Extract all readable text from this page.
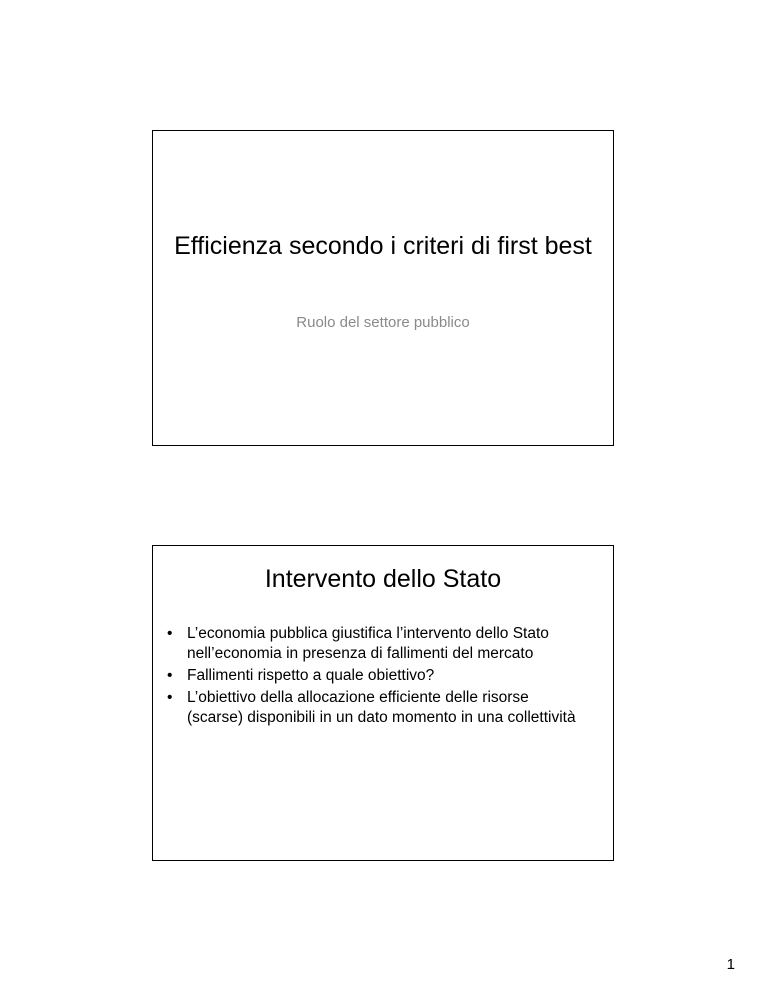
Efficienza secondo i criteri di first best

Ruolo del settore pubblico

Intervento dello Stato
• L’economia pubblica giustifica l’intervento dello Stato nell’economia in presenza di fallimenti del mercato
• Fallimenti rispetto a quale obiettivo?
• L’obiettivo della allocazione efficiente delle risorse (scarse) disponibili in un dato momento in una collettività
1
